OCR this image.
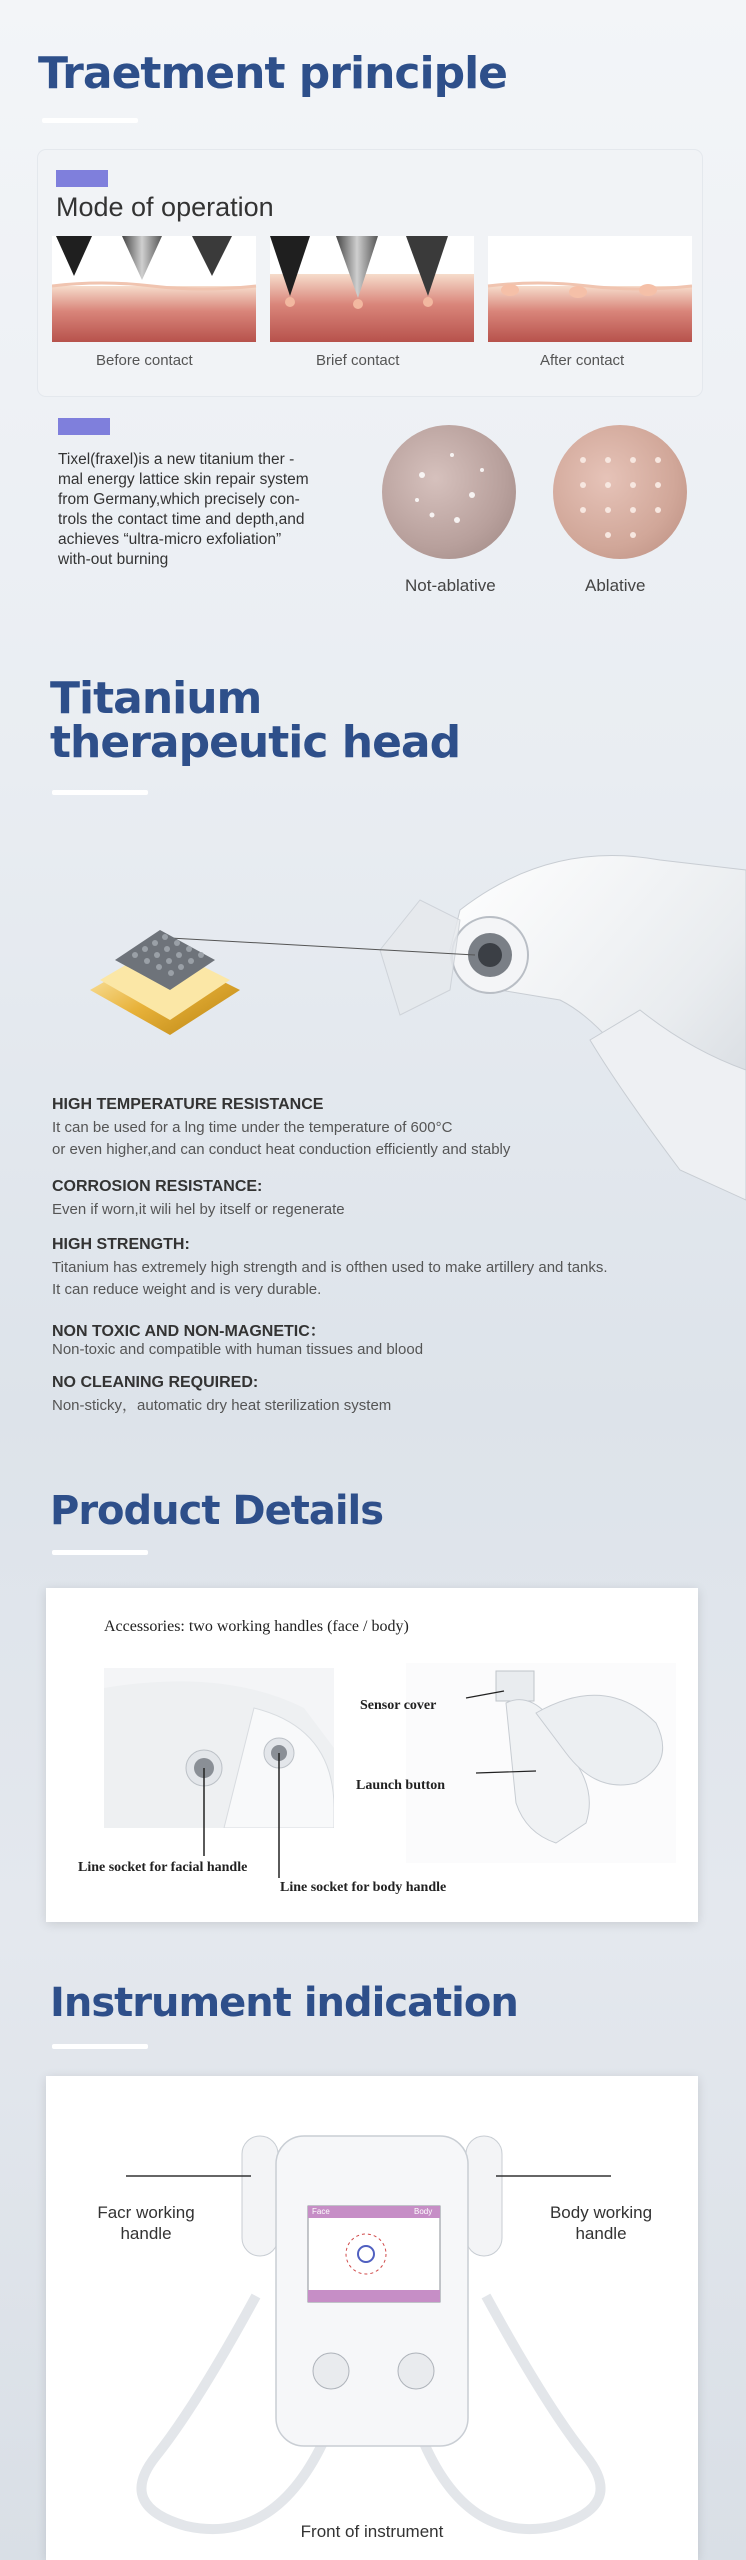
Traetment principle
Mode of operation
Before contact	Brief contact	After contact
Tixel(fraxel)is a new titanium ther -
mal energy lattice skin repair system
from Germany,which precisely con-
trols the contact time and depth,and
achieves “ultra-micro exfoliation”
with-out burning
Not-ablative	Ablative
Titanium
therapeutic head
HIGH TEMPERATURE RESISTANCE
It can be used for a lng time under the temperature of 600°C
or even higher,and can conduct heat conduction efficiently and stably
CORROSION RESISTANCE:
Even if worn,it wili hel by itself or regenerate
HIGH STRENGTH:
Titanium has extremely high strength and is ofthen used to make artillery and tanks.
It can reduce weight and is very durable.
NON TOXIC AND NON-MAGNETIC：
Non-toxic and compatible with human tissues and blood
NO CLEANING REQUIRED:
Non-sticky，automatic dry heat sterilization system
Product Details
Accessories: two working handles (face / body)
Sensor cover
Launch button
Line socket for facial handle
Line socket for body handle
Instrument indication
Face	Body
Facr working
handle
Body working
handle
Front of instrument
